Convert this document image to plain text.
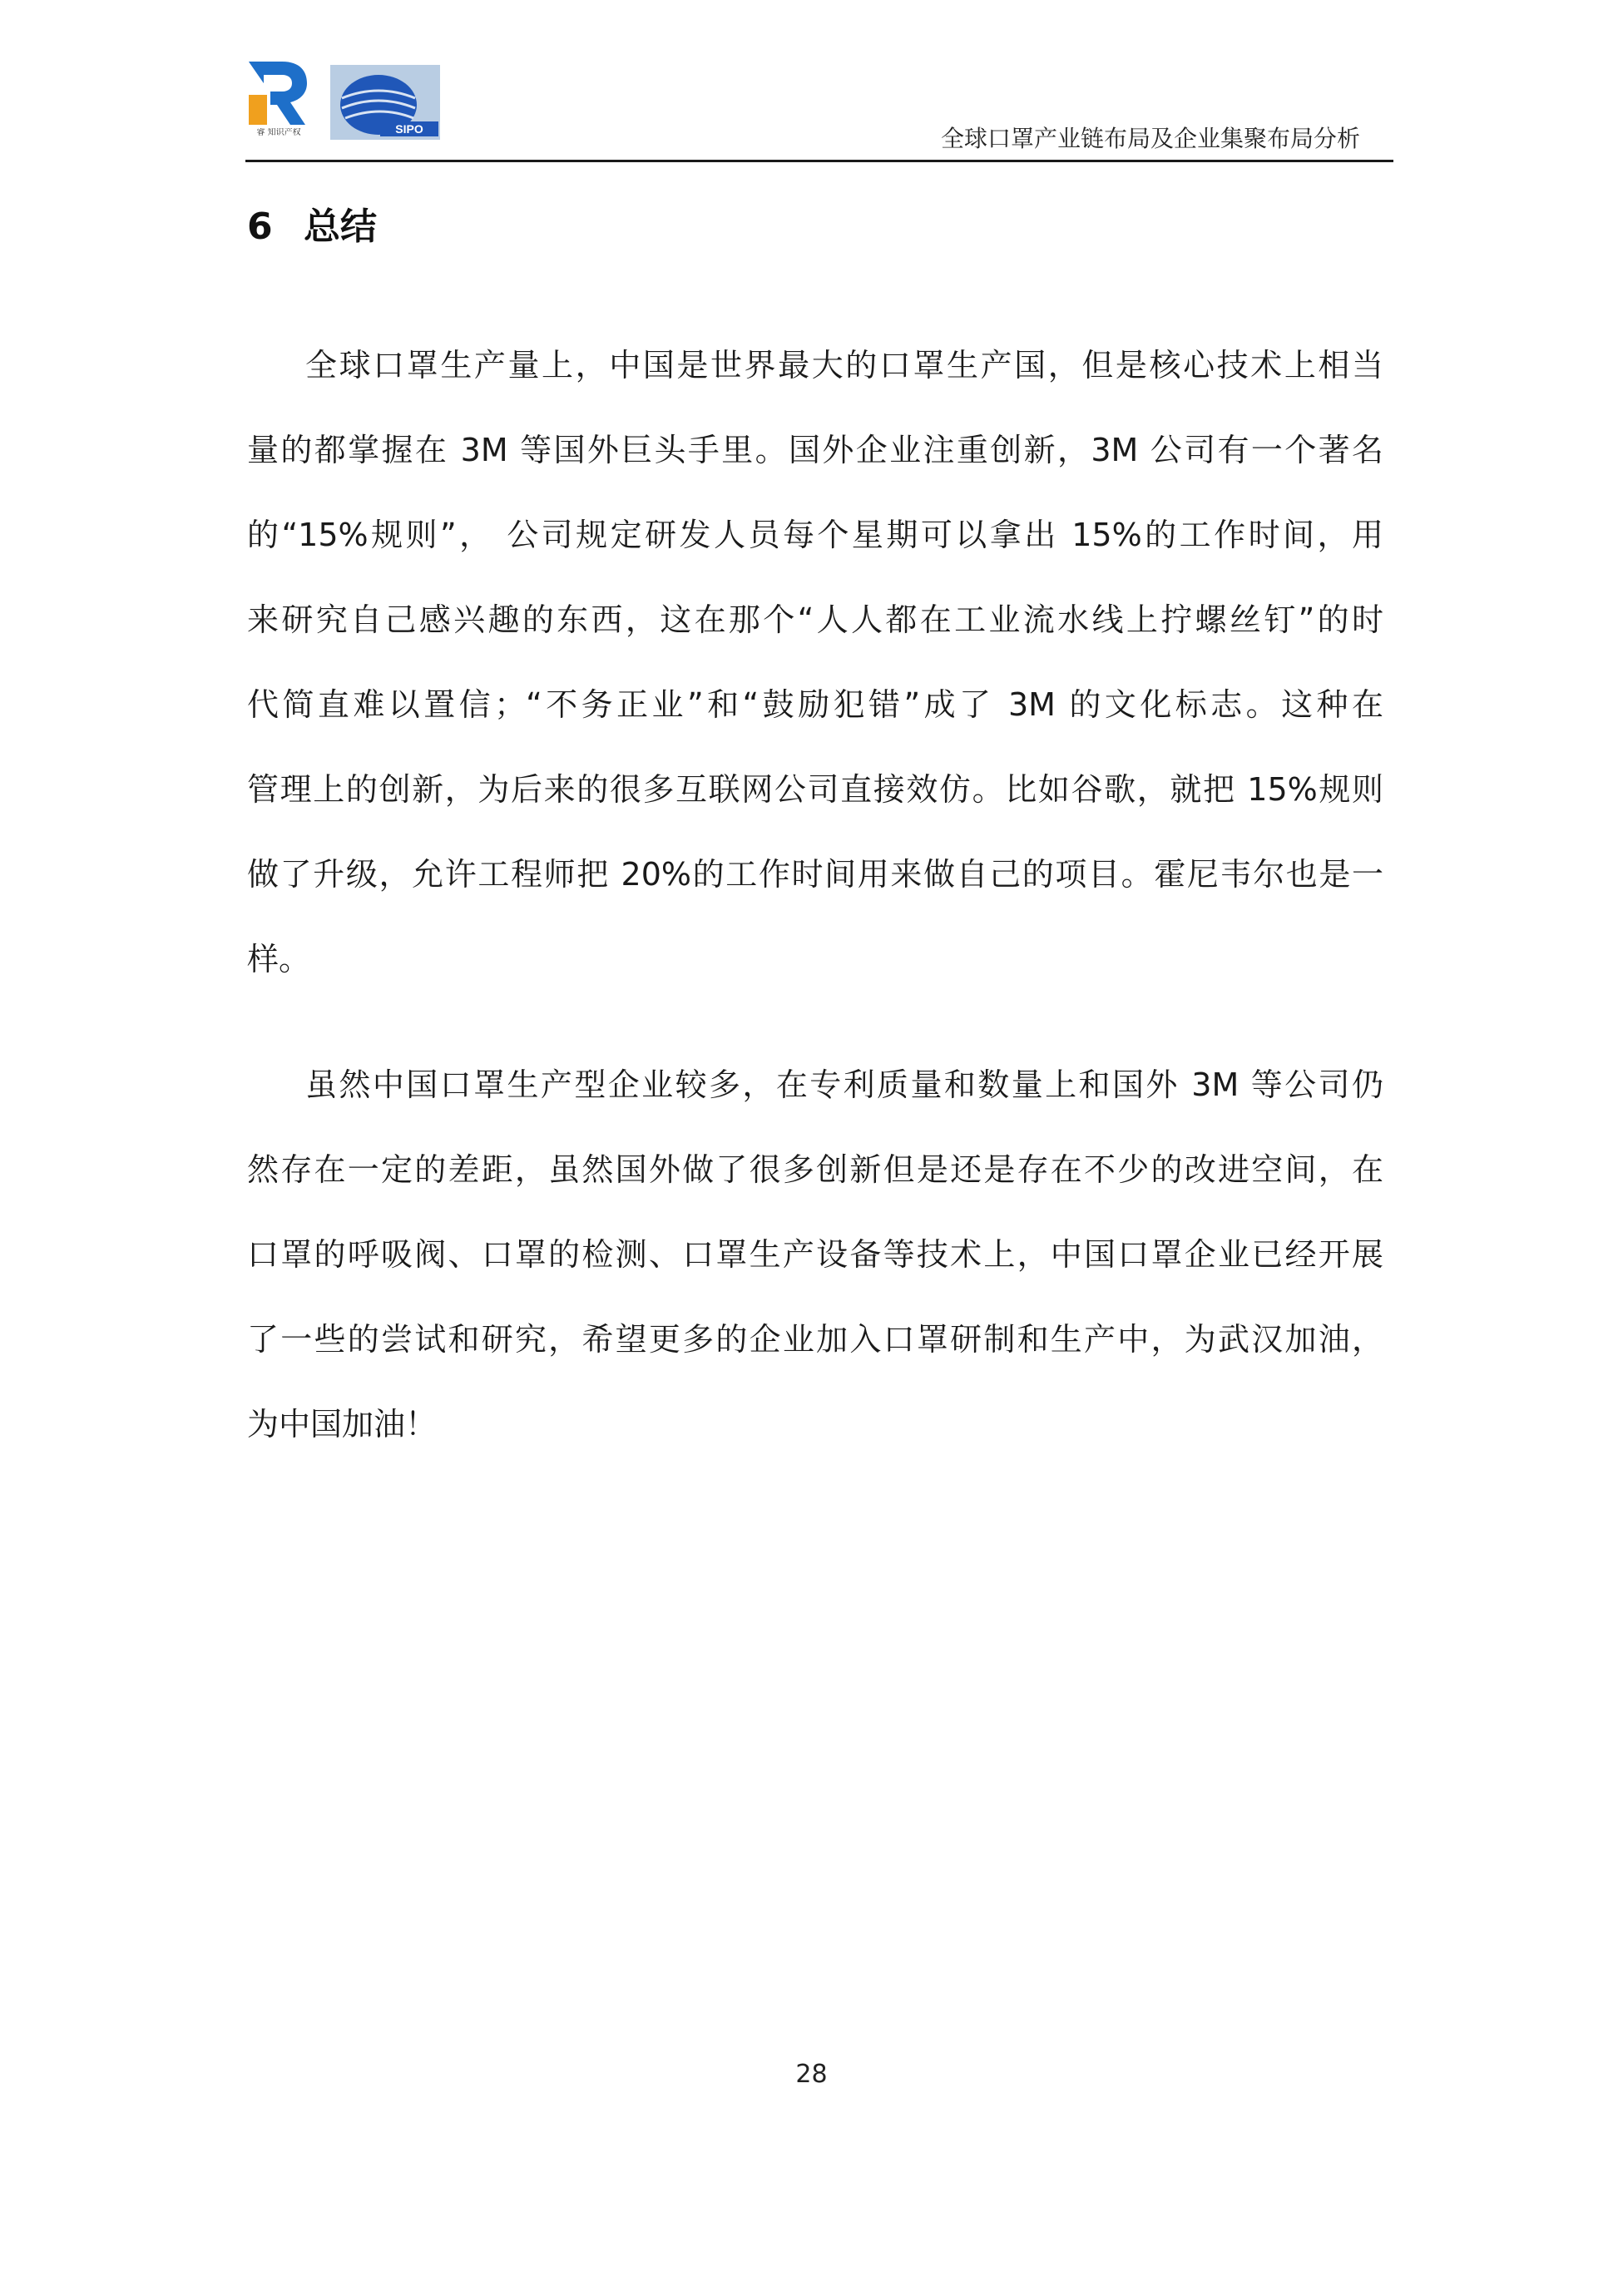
睿 知识产权	SIPO	全球口罩产业链布局及企业集聚布局分析
6 总结
全球口罩生产量上，中国是世界最大的口罩生产国，但是核心技术上相当
量的都掌握在 3M 等国外巨头手里。国外企业注重创新，3M 公司有一个著名
的“15%规则”， 公司规定研发人员每个星期可以拿出 15%的工作时间，用
来研究自己感兴趣的东西，这在那个“人人都在工业流水线上拧螺丝钉”的时
代简直难以置信；“不务正业”和“鼓励犯错”成了 3M 的文化标志。这种在
管理上的创新，为后来的很多互联网公司直接效仿。比如谷歌，就把 15%规则
做了升级，允许工程师把 20%的工作时间用来做自己的项目。霍尼韦尔也是一
样。
虽然中国口罩生产型企业较多，在专利质量和数量上和国外 3M 等公司仍
然存在一定的差距，虽然国外做了很多创新但是还是存在不少的改进空间，在
口罩的呼吸阀、口罩的检测、口罩生产设备等技术上，中国口罩企业已经开展
了一些的尝试和研究，希望更多的企业加入口罩研制和生产中，为武汉加油，
为中国加油！
28
